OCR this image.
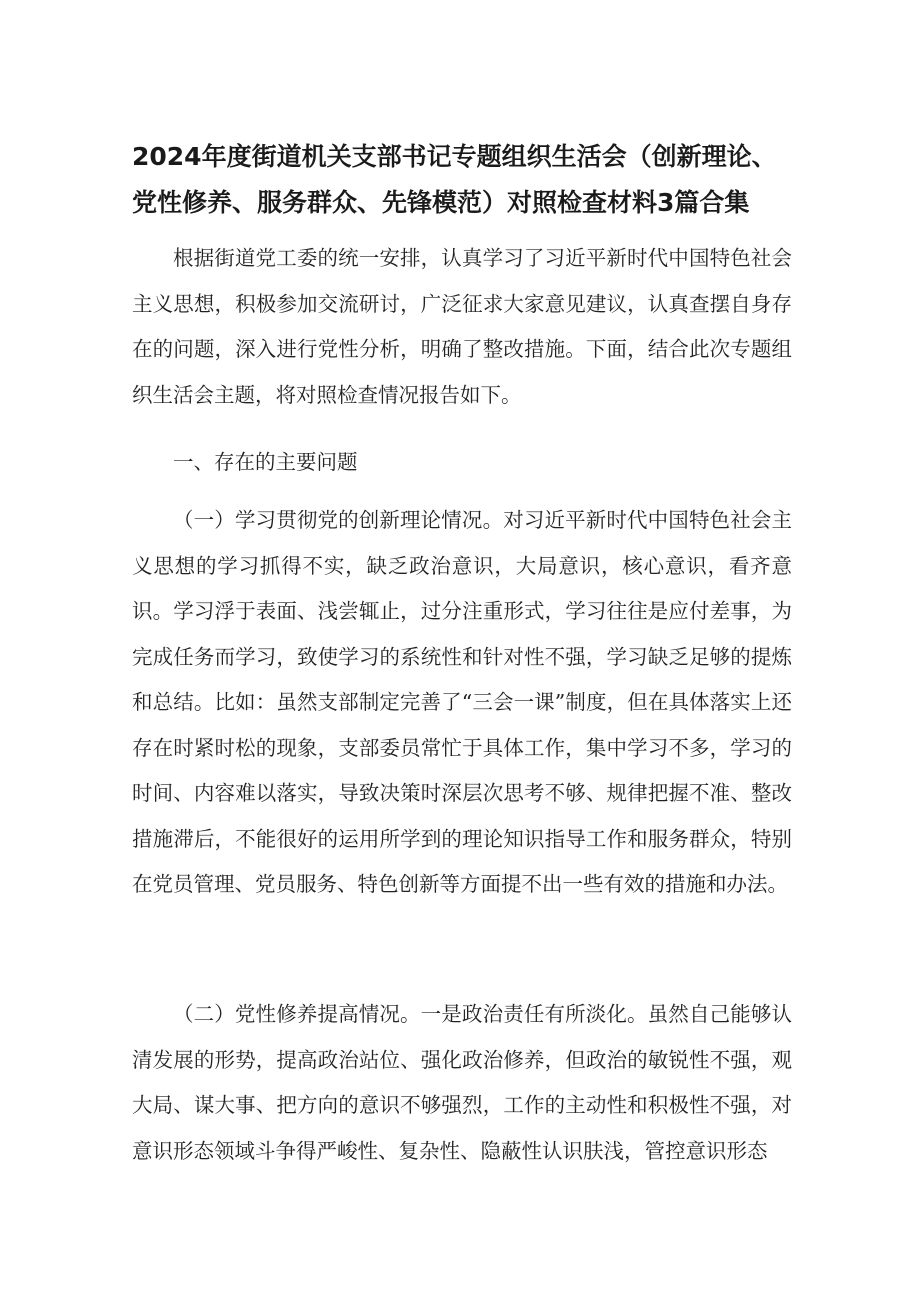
2024年度街道机关支部书记专题组织生活会（创新理论、党性修养、服务群众、先锋模范）对照检查材料3篇合集

根据街道党工委的统一安排，认真学习了习近平新时代中国特色社会主义思想，积极参加交流研讨，广泛征求大家意见建议，认真查摆自身存在的问题，深入进行党性分析，明确了整改措施。下面，结合此次专题组织生活会主题，将对照检查情况报告如下。

一、存在的主要问题

（一）学习贯彻党的创新理论情况。对习近平新时代中国特色社会主义思想的学习抓得不实，缺乏政治意识，大局意识，核心意识，看齐意识。学习浮于表面、浅尝辄止，过分注重形式，学习往往是应付差事，为完成任务而学习，致使学习的系统性和针对性不强，学习缺乏足够的提炼和总结。比如：虽然支部制定完善了“三会一课”制度，但在具体落实上还存在时紧时松的现象，支部委员常忙于具体工作，集中学习不多，学习的时间、内容难以落实，导致决策时深层次思考不够、规律把握不准、整改措施滞后，不能很好的运用所学到的理论知识指导工作和服务群众，特别在党员管理、党员服务、特色创新等方面提不出一些有效的措施和办法。

（二）党性修养提高情况。一是政治责任有所淡化。虽然自己能够认清发展的形势，提高政治站位、强化政治修养，但政治的敏锐性不强，观大局、谋大事、把方向的意识不够强烈，工作的主动性和积极性不强，对意识形态领域斗争得严峻性、复杂性、隐蔽性认识肤浅，管控意识形态
